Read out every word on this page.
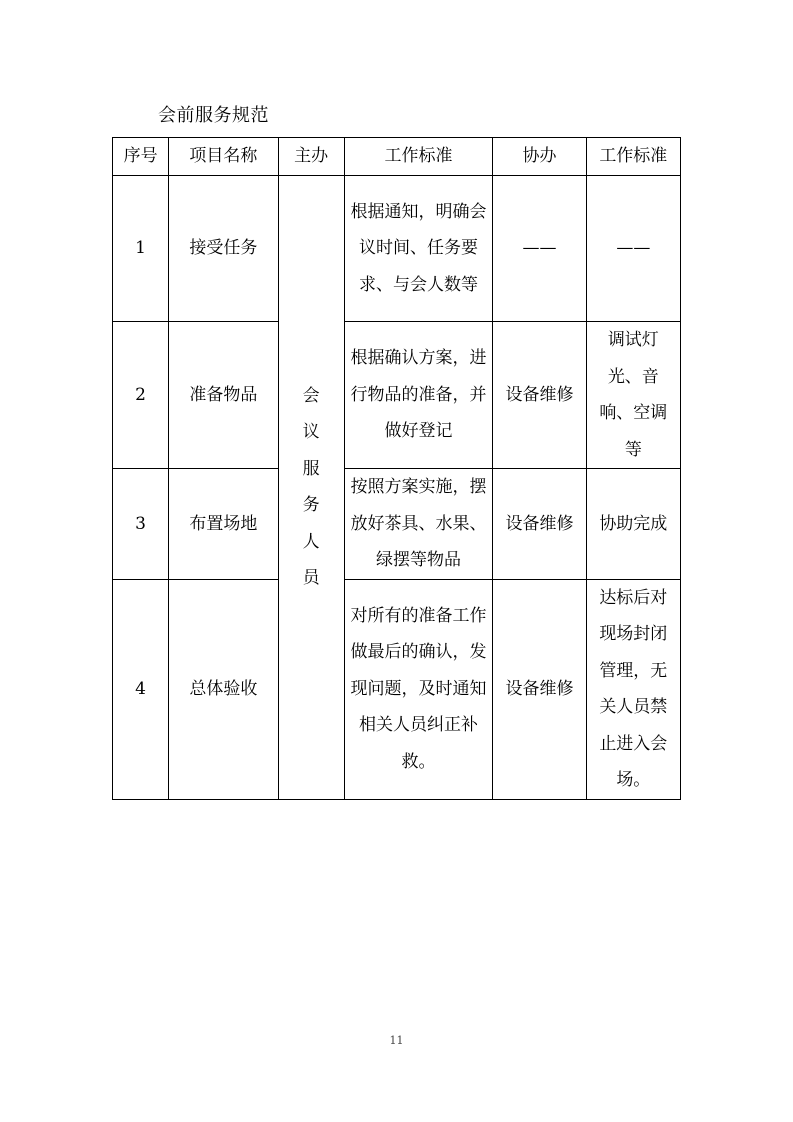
会前服务规范
序号	项目名称	主办	工作标准	协办	工作标准
1	接受任务	会议服务人员	根据通知，明确会议时间、任务要求、与会人数等	——	——
2	准备物品		根据确认方案，进行物品的准备，并做好登记	设备维修	调试灯光、音响、空调等

3	布置场地		按照方案实施，摆放好茶具、水果、绿摆等物品	设备维修	协助完成
4	总体验收		对所有的准备工作做最后的确认，发现问题，及时通知相关人员纠正补救。	设备维修	达标后对现场封闭管理，无关人员禁止进入会场。
11
